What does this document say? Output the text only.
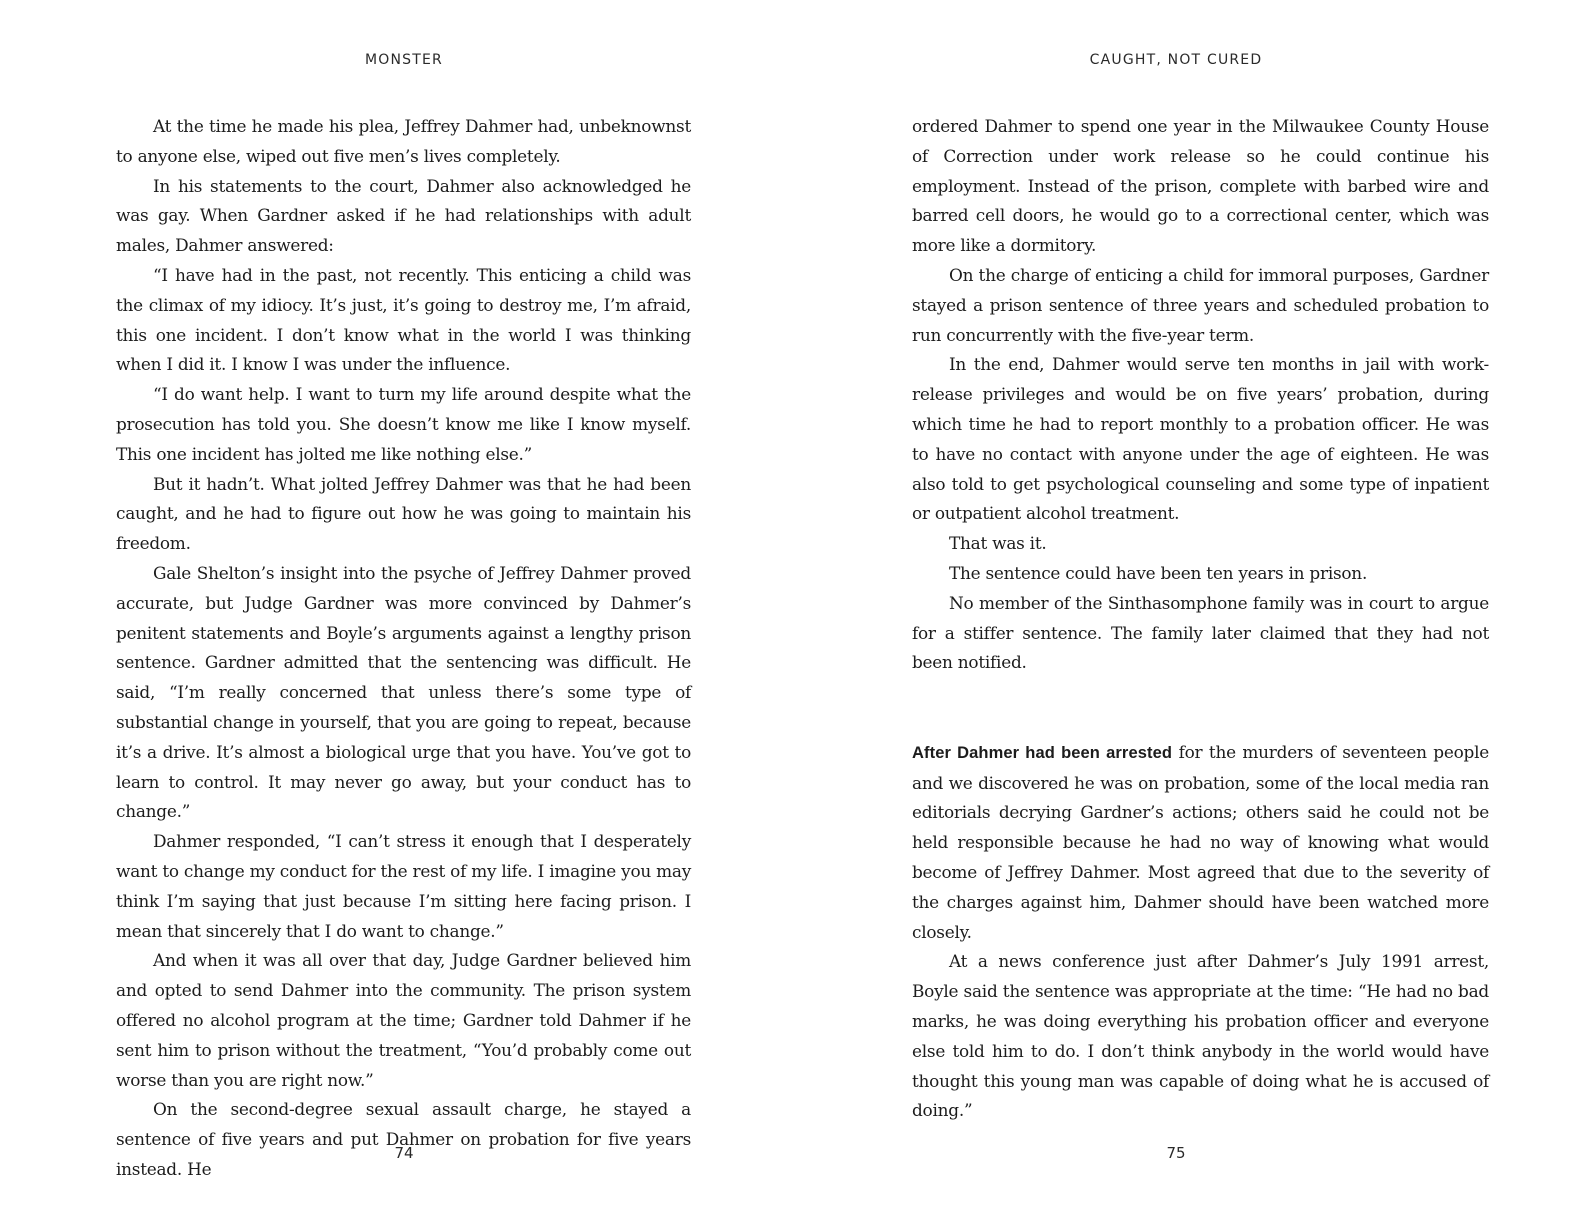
MONSTER

At the time he made his plea, Jeffrey Dahmer had, unbeknownst to anyone else, wiped out five men’s lives completely.

In his statements to the court, Dahmer also acknowledged he was gay. When Gardner asked if he had relationships with adult males, Dahmer answered:

“I have had in the past, not recently. This enticing a child was the climax of my idiocy. It’s just, it’s going to destroy me, I’m afraid, this one incident. I don’t know what in the world I was thinking when I did it. I know I was under the influence.

“I do want help. I want to turn my life around despite what the prosecution has told you. She doesn’t know me like I know myself. This one incident has jolted me like nothing else.”

But it hadn’t. What jolted Jeffrey Dahmer was that he had been caught, and he had to figure out how he was going to maintain his freedom.

Gale Shelton’s insight into the psyche of Jeffrey Dahmer proved accurate, but Judge Gardner was more convinced by Dahmer’s penitent statements and Boyle’s arguments against a lengthy prison sentence. Gardner admitted that the sentencing was difficult. He said, “I’m really concerned that unless there’s some type of substantial change in yourself, that you are going to repeat, because it’s a drive. It’s almost a biological urge that you have. You’ve got to learn to control. It may never go away, but your conduct has to change.”

Dahmer responded, “I can’t stress it enough that I desperately want to change my conduct for the rest of my life. I imagine you may think I’m saying that just because I’m sitting here facing prison. I mean that sincerely that I do want to change.”

And when it was all over that day, Judge Gardner believed him and opted to send Dahmer into the community. The prison system offered no alcohol program at the time; Gardner told Dahmer if he sent him to prison without the treatment, “You’d probably come out worse than you are right now.”

On the second-degree sexual assault charge, he stayed a sentence of five years and put Dahmer on probation for five years instead. He

74
CAUGHT, NOT CURED

ordered Dahmer to spend one year in the Milwaukee County House of Correction under work release so he could continue his employment. Instead of the prison, complete with barbed wire and barred cell doors, he would go to a correctional center, which was more like a dormitory.

On the charge of enticing a child for immoral purposes, Gardner stayed a prison sentence of three years and scheduled probation to run concurrently with the five-year term.

In the end, Dahmer would serve ten months in jail with work-release privileges and would be on five years’ probation, during which time he had to report monthly to a probation officer. He was to have no contact with anyone under the age of eighteen. He was also told to get psychological counseling and some type of inpatient or outpatient alcohol treatment.

That was it.

The sentence could have been ten years in prison.

No member of the Sinthasomphone family was in court to argue for a stiffer sentence. The family later claimed that they had not been notified.

After Dahmer had been arrested for the murders of seventeen people and we discovered he was on probation, some of the local media ran editorials decrying Gardner’s actions; others said he could not be held responsible because he had no way of knowing what would become of Jeffrey Dahmer. Most agreed that due to the severity of the charges against him, Dahmer should have been watched more closely.

At a news conference just after Dahmer’s July 1991 arrest, Boyle said the sentence was appropriate at the time: “He had no bad marks, he was doing everything his probation officer and everyone else told him to do. I don’t think anybody in the world would have thought this young man was capable of doing what he is accused of doing.”

75
